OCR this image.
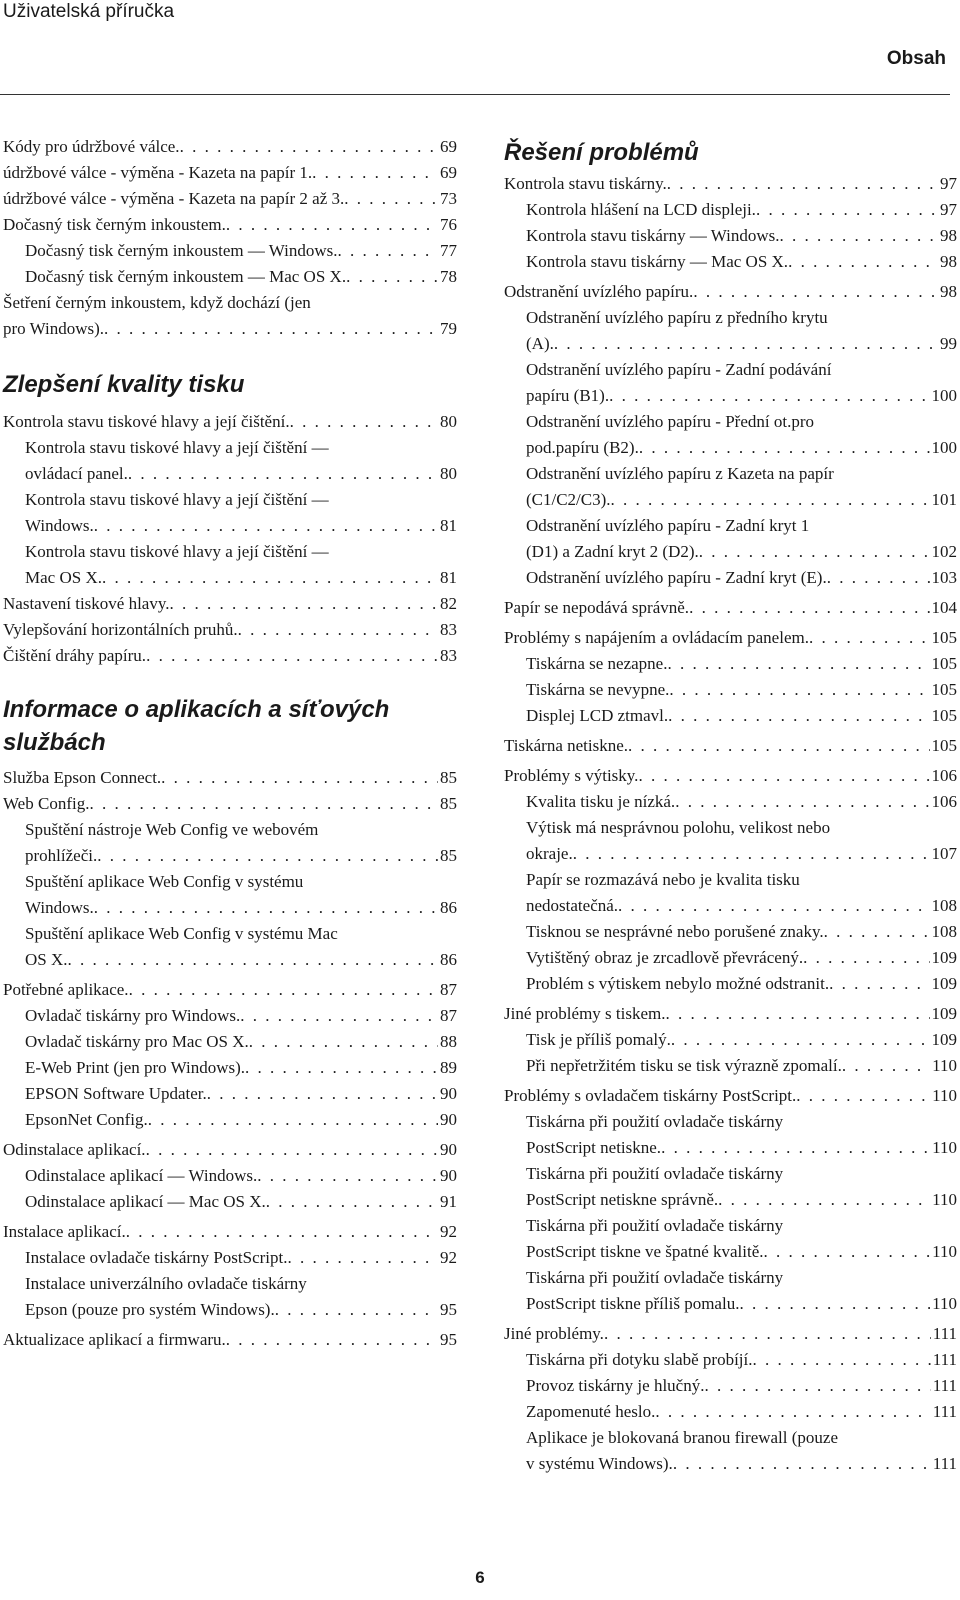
Uživatelská příručka
Obsah
Kódy pro údržbové válce. . . .	69
údržbové válce - výměna - Kazeta na papír 1. . . .	69
údržbové válce - výměna - Kazeta na papír 2 až 3. . . .	73
Dočasný tisk černým inkoustem. . . .	76
Dočasný tisk černým inkoustem — Windows. . . .	77
Dočasný tisk černým inkoustem — Mac OS X. . . .	78
Šetření černým inkoustem, když dochází (jen
pro Windows). . . .	79
Zlepšení kvality tisku
Kontrola stavu tiskové hlavy a její čištění. . . .	80
Kontrola stavu tiskové hlavy a její čištění —
ovládací panel. . . .	80
Kontrola stavu tiskové hlavy a její čištění —
Windows. . . .	81
Kontrola stavu tiskové hlavy a její čištění —
Mac OS X. . . .	81
Nastavení tiskové hlavy. . . .	82
Vylepšování horizontálních pruhů. . . .	83
Čištění dráhy papíru. . . .	83
Informace o aplikacích a síťových službách
Služba Epson Connect. . . .	85
Web Config. . . .	85
Spuštění nástroje Web Config ve webovém
prohlížeči. . . .	85
Spuštění aplikace Web Config v systému
Windows. . . .	86
Spuštění aplikace Web Config v systému Mac
OS X. . . .	86
Potřebné aplikace. . . .	87
Ovladač tiskárny pro Windows. . . .	87
Ovladač tiskárny pro Mac OS X. . . .	88
E-Web Print (jen pro Windows). . . .	89
EPSON Software Updater. . . .	90
EpsonNet Config. . . .	90
Odinstalace aplikací. . . .	90
Odinstalace aplikací — Windows. . . .	90
Odinstalace aplikací — Mac OS X. . . .	91
Instalace aplikací. . . .	92
Instalace ovladače tiskárny PostScript. . . .	92
Instalace univerzálního ovladače tiskárny
Epson (pouze pro systém Windows). . . .	95
Aktualizace aplikací a firmwaru. . . .	95
Řešení problémů
Kontrola stavu tiskárny. . . .	97
Kontrola hlášení na LCD displeji. . . .	97
Kontrola stavu tiskárny — Windows. . . .	98
Kontrola stavu tiskárny — Mac OS X. . . .	98
Odstranění uvízlého papíru. . . .	98
Odstranění uvízlého papíru z předního krytu
(A). . . .	99
Odstranění uvízlého papíru - Zadní podávání
papíru (B1). . . .	100
Odstranění uvízlého papíru - Přední ot.pro
pod.papíru (B2). . . .	100
Odstranění uvízlého papíru z Kazeta na papír
(C1/C2/C3). . . .	101
Odstranění uvízlého papíru - Zadní kryt 1
(D1) a Zadní kryt 2 (D2). . . .	102
Odstranění uvízlého papíru - Zadní kryt (E). . . .	103
Papír se nepodává správně. . . .	104
Problémy s napájením a ovládacím panelem. . . .	105
Tiskárna se nezapne. . . .	105
Tiskárna se nevypne. . . .	105
Displej LCD ztmavl. . . .	105
Tiskárna netiskne. . . .	105
Problémy s výtisky. . . .	106
Kvalita tisku je nízká. . . .	106
Výtisk má nesprávnou polohu, velikost nebo
okraje. . . .	107
Papír se rozmazává nebo je kvalita tisku
nedostatečná. . . .	108
Tisknou se nesprávné nebo porušené znaky. . . .	108
Vytištěný obraz je zrcadlově převrácený. . . .	109
Problém s výtiskem nebylo možné odstranit. . . .	109
Jiné problémy s tiskem. . . .	109
Tisk je příliš pomalý. . . .	109
Při nepřetržitém tisku se tisk výrazně zpomalí. . . .	110
Problémy s ovladačem tiskárny PostScript. . . .	110
Tiskárna při použití ovladače tiskárny
PostScript netiskne. . . .	110
Tiskárna při použití ovladače tiskárny
PostScript netiskne správně. . . .	110
Tiskárna při použití ovladače tiskárny
PostScript tiskne ve špatné kvalitě. . . .	110
Tiskárna při použití ovladače tiskárny
PostScript tiskne příliš pomalu. . . .	110
Jiné problémy. . . .	111
Tiskárna při dotyku slabě probíjí. . . .	111
Provoz tiskárny je hlučný. . . .	111
Zapomenuté heslo. . . .	111
Aplikace je blokovaná branou firewall (pouze
v systému Windows). . . .	111
6
